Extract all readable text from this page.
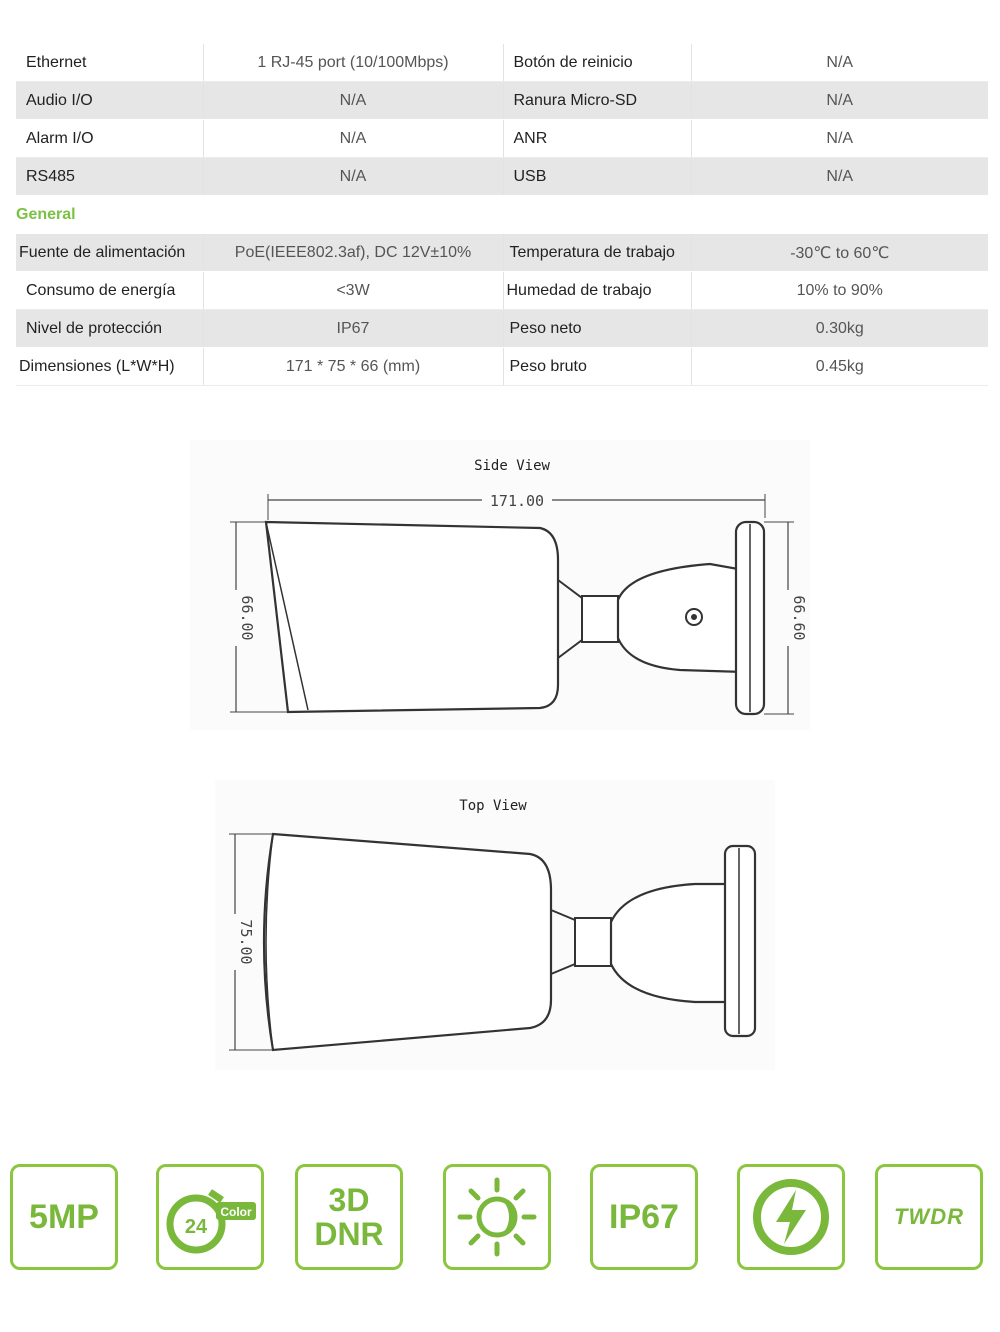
Ethernet	1 RJ-45 port (10/100Mbps)	Botón de reinicio	N/A
Audio I/O	N/A	Ranura Micro-SD	N/A
Alarm I/O	N/A	ANR	N/A
RS485	N/A	USB	N/A
General			
Fuente de alimentación	PoE(IEEE802.3af), DC 12V±10%	Temperatura de trabajo	-30℃ to 60℃
Consumo de energía	<3W	Humedad de trabajo	10% to 90%
Nivel de protección	IP67	Peso neto	0.30kg
Dimensiones (L*W*H)	171 * 75 * 66 (mm)	Peso bruto	0.45kg
Side View
171.00
66.00	66.60
Top View
75.00
5MP	24
Color	3D
DNR	IP67	TWDR
